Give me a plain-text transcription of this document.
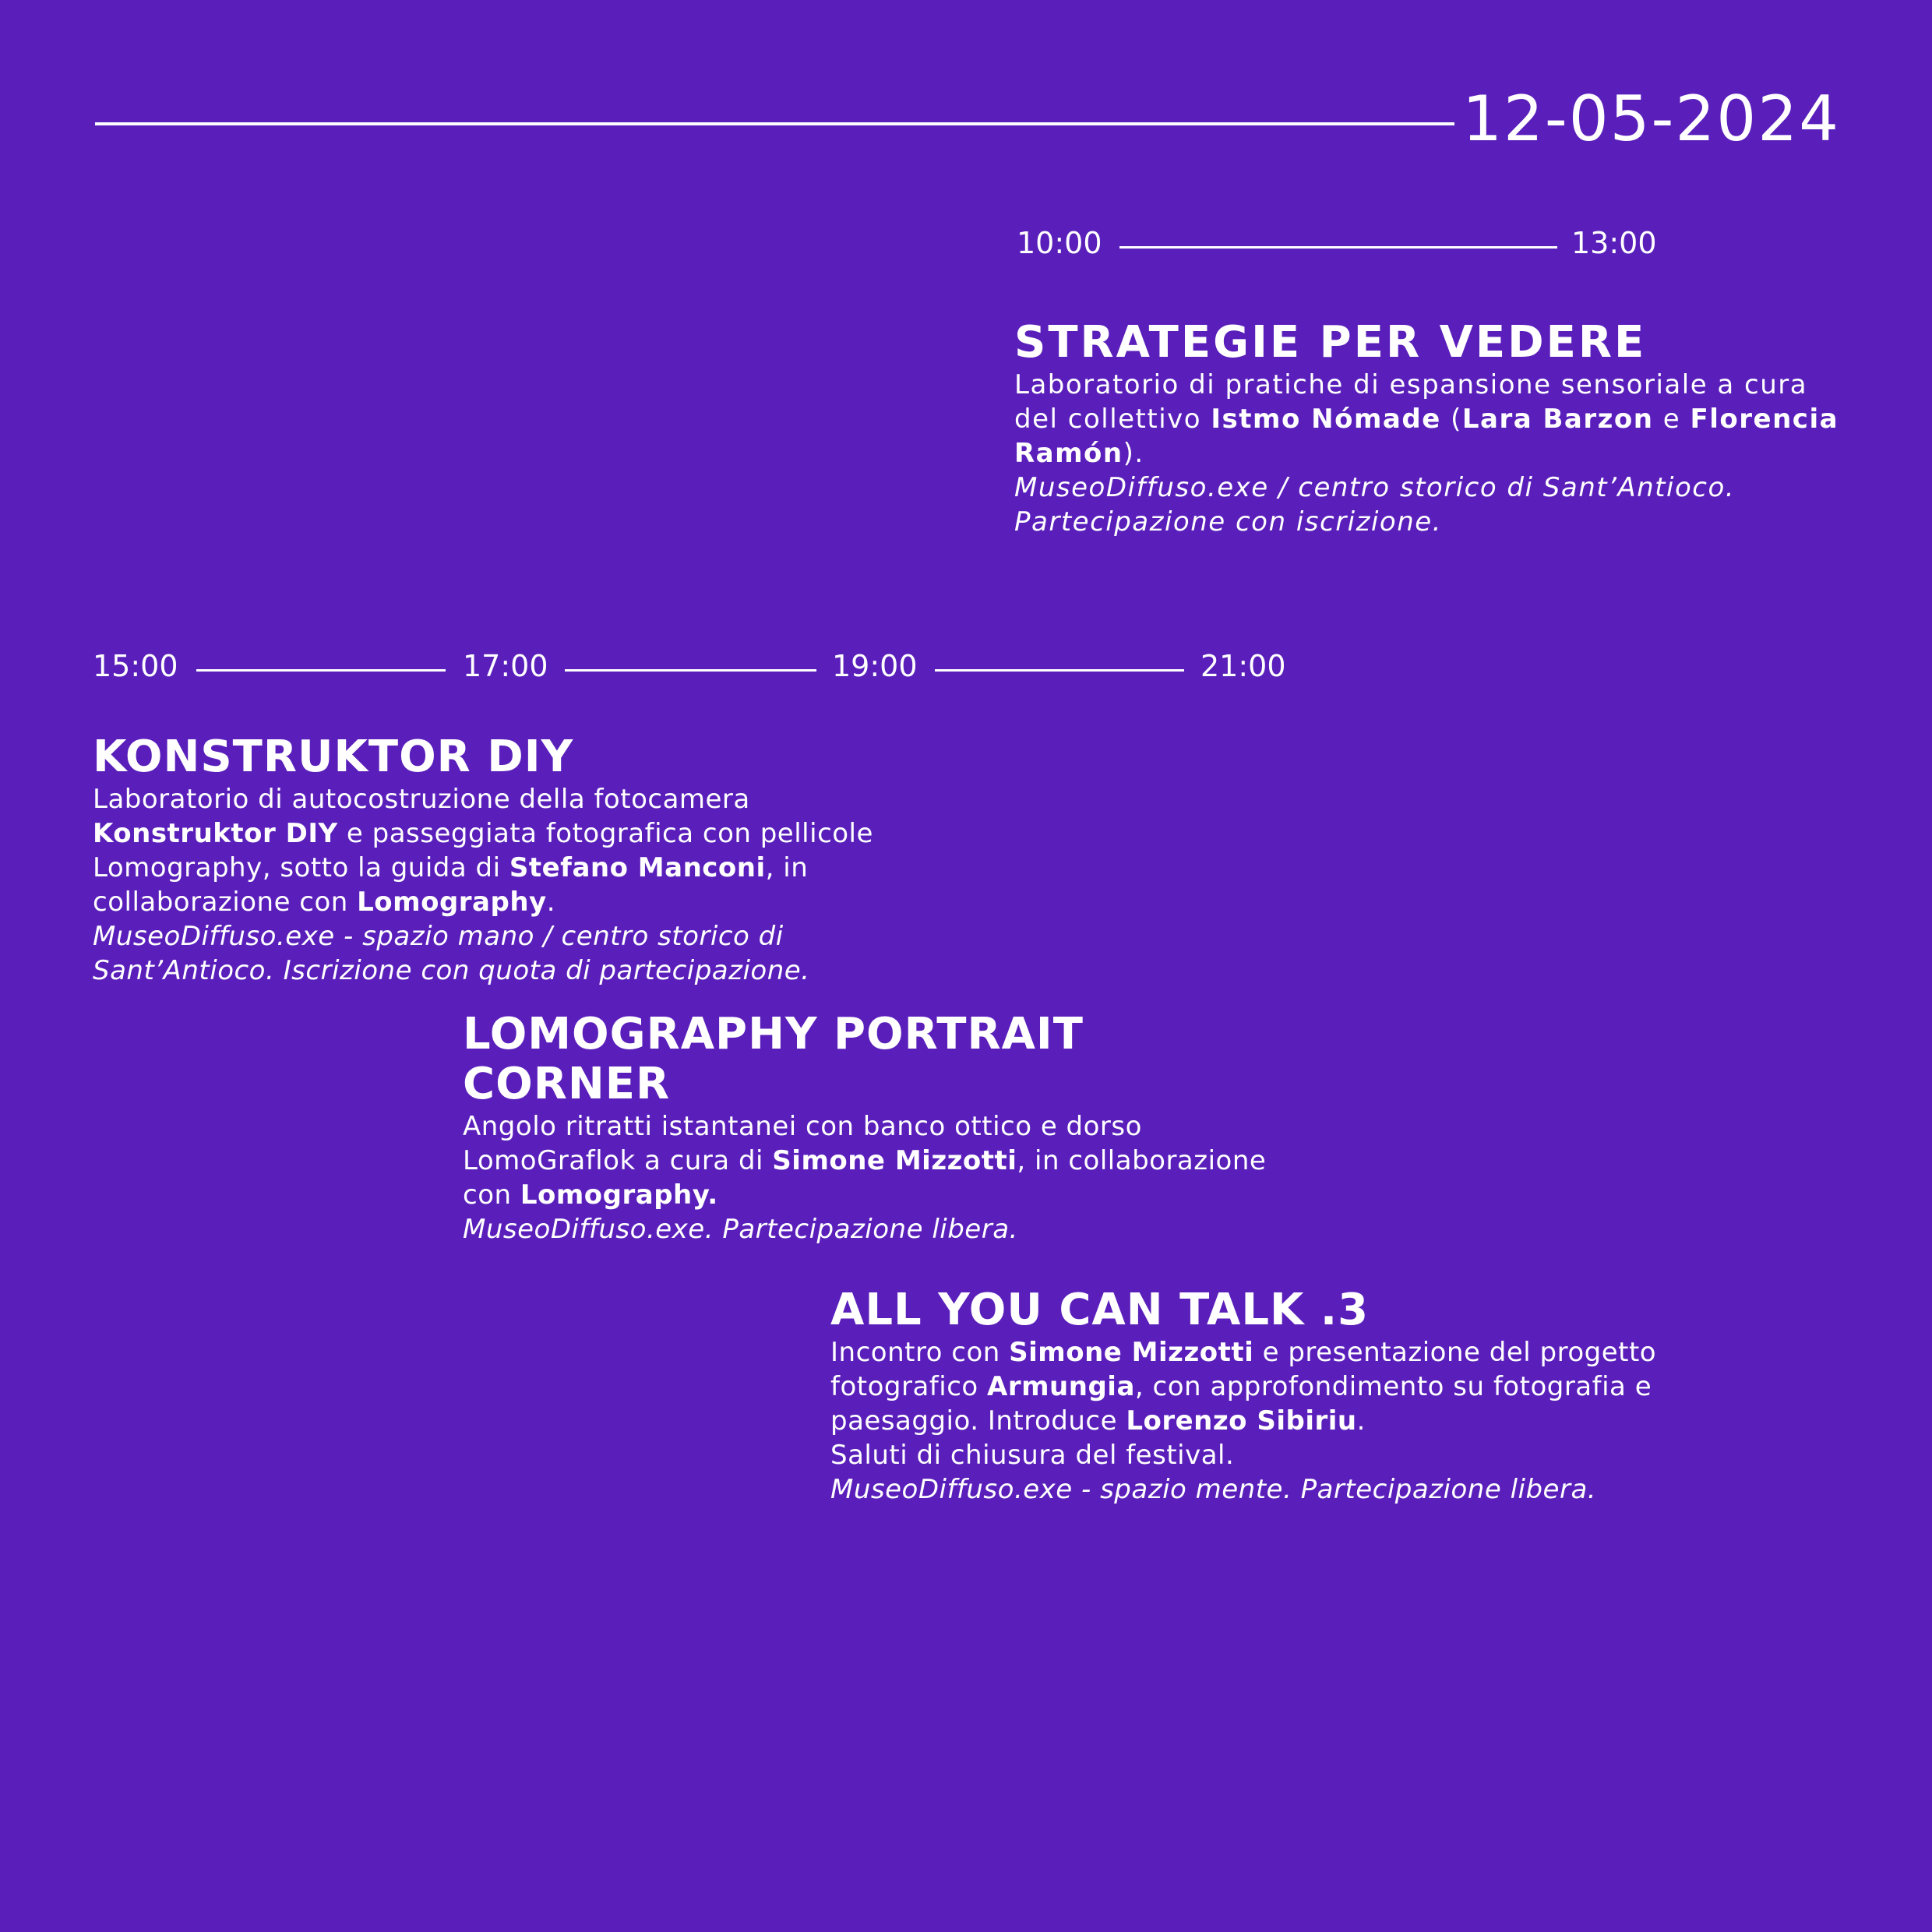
12-05-2024
10:00	13:00
STRATEGIE PER VEDERE

Laboratorio di pratiche di espansione sensoriale a cura del collettivo Istmo Nómade (Lara Barzon e Florencia Ramón).

MuseoDiffuso.exe / centro storico di Sant’Antioco. Partecipazione con iscrizione.

15:00	17:00	19:00	21:00
KONSTRUKTOR DIY

Laboratorio di autocostruzione della fotocamera Konstruktor DIY e passeggiata fotografica con pellicole Lomography, sotto la guida di Stefano Manconi, in collaborazione con Lomography.

MuseoDiffuso.exe - spazio mano / centro storico di Sant’Antioco. Iscrizione con quota di partecipazione.

LOMOGRAPHY PORTRAIT CORNER

Angolo ritratti istantanei con banco ottico e dorso LomoGraflok a cura di Simone Mizzotti, in collaborazione con Lomography.

MuseoDiffuso.exe. Partecipazione libera.

ALL YOU CAN TALK .3

Incontro con Simone Mizzotti e presentazione del progetto fotografico Armungia, con approfondimento su fotografia e paesaggio. Introduce Lorenzo Sibiriu.
Saluti di chiusura del festival.

MuseoDiffuso.exe - spazio mente. Partecipazione libera.
